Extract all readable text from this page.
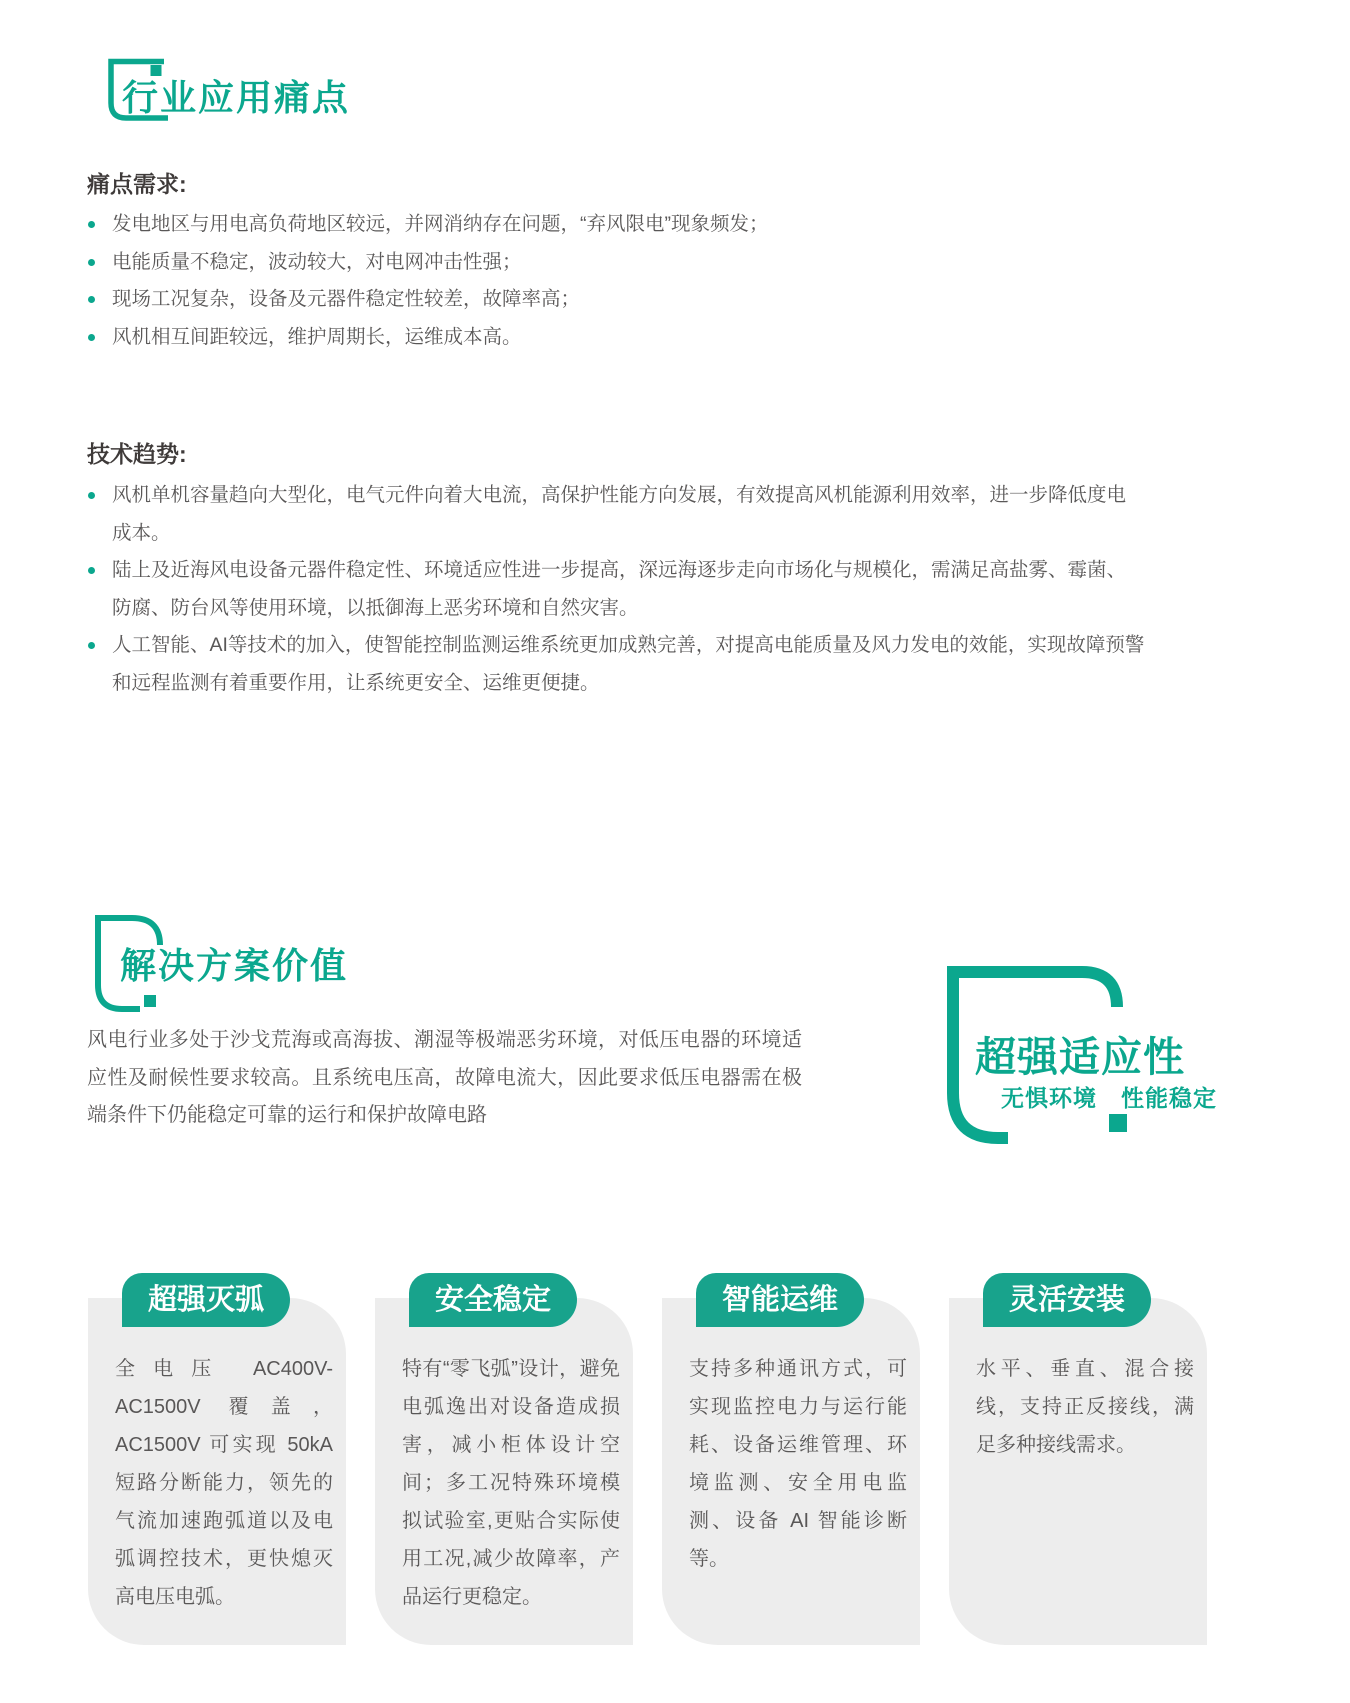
行业应用痛点
痛点需求:
发电地区与用电高负荷地区较远，并网消纳存在问题，“弃风限电”现象频发；
电能质量不稳定，波动较大，对电网冲击性强；
现场工况复杂，设备及元器件稳定性较差，故障率高；
风机相互间距较远，维护周期长，运维成本高。
技术趋势:
风机单机容量趋向大型化，电气元件向着大电流，高保护性能方向发展，有效提高风机能源利用效率，进一步降低度电成本。
陆上及近海风电设备元器件稳定性、环境适应性进一步提高，深远海逐步走向市场化与规模化，需满足高盐雾、霉菌、防腐、防台风等使用环境，以抵御海上恶劣环境和自然灾害。
人工智能、AI等技术的加入，使智能控制监测运维系统更加成熟完善，对提高电能质量及风力发电的效能，实现故障预警和远程监测有着重要作用，让系统更安全、运维更便捷。
解决方案价值
风电行业多处于沙戈荒海或高海拔、潮湿等极端恶劣环境，对低压电器的环境适应性及耐候性要求较高。且系统电压高，故障电流大，因此要求低压电器需在极端条件下仍能稳定可靠的运行和保护故障电路
超强适应性
无惧环境　性能稳定
超强灭弧
全电压 AC400V-AC1500V 覆盖，AC1500V 可实现 50kA 短路分断能力，领先的气流加速跑弧道以及电弧调控技术，更快熄灭高电压电弧。
安全稳定
特有“零飞弧”设计，避免电弧逸出对设备造成损害，减小柜体设计空间；多工况特殊环境模拟试验室,更贴合实际使用工况,减少故障率，产品运行更稳定。
智能运维
支持多种通讯方式，可实现监控电力与运行能耗、设备运维管理、环境监测、安全用电监测、设备 AI 智能诊断等。
灵活安装
水平、垂直、混合接线，支持正反接线，满足多种接线需求。
